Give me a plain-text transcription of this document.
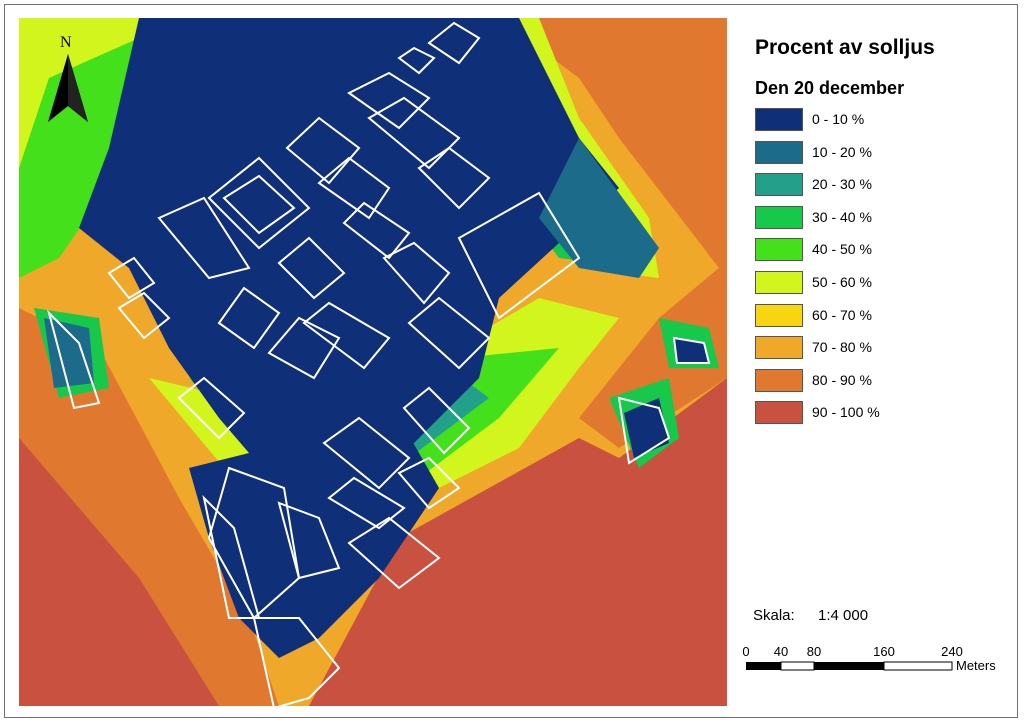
N	Procent av solljus
Den 20 december
0 - 10 %
10 - 20 %
20 - 30 %
30 - 40 %
40 - 50 %
50 - 60 %
60 - 70 %
70 - 80 %
80 - 90 %
90 - 100 %
Skala: 1:4 000
0 40 80	160	240
Meters
